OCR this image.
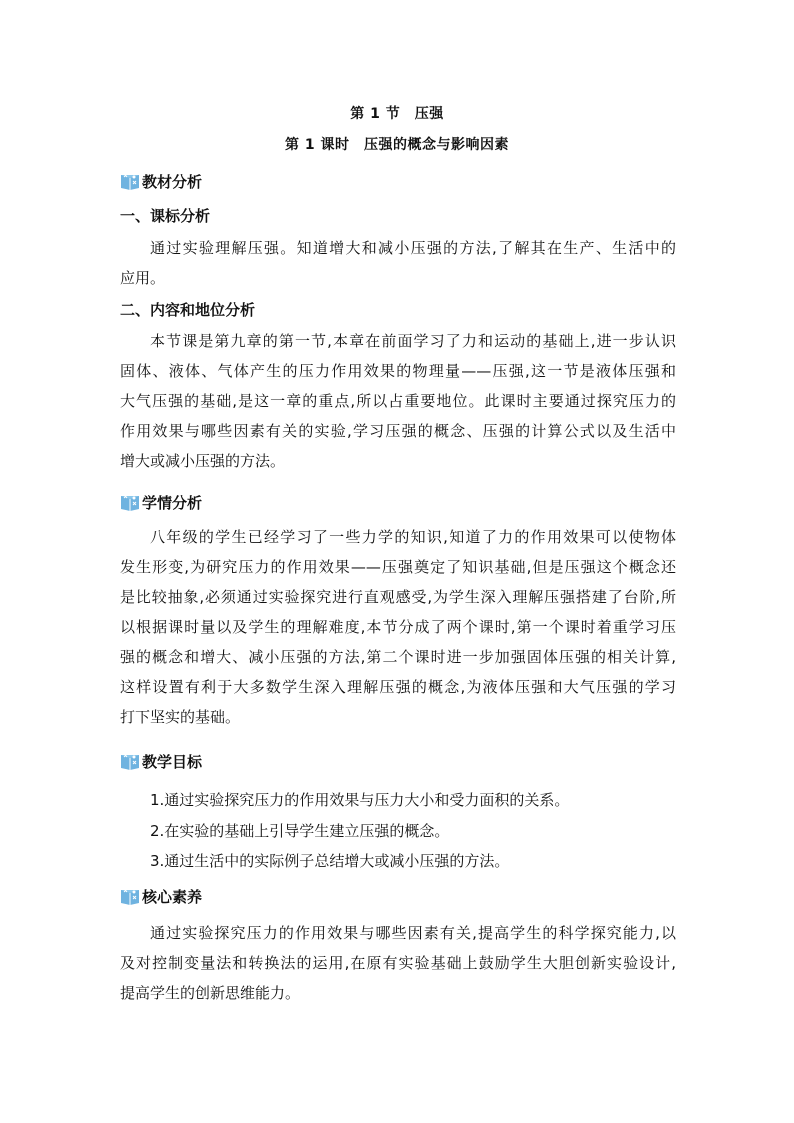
第 1 节　压强
第 1 课时　压强的概念与影响因素
教材分析
一、课标分析
通过实验理解压强。知道增大和减小压强的方法,了解其在生产、生活中的
应用。
二、内容和地位分析
本节课是第九章的第一节,本章在前面学习了力和运动的基础上,进一步认识
固体、液体、气体产生的压力作用效果的物理量——压强,这一节是液体压强和
大气压强的基础,是这一章的重点,所以占重要地位。此课时主要通过探究压力的
作用效果与哪些因素有关的实验,学习压强的概念、压强的计算公式以及生活中
增大或减小压强的方法。
学情分析
八年级的学生已经学习了一些力学的知识,知道了力的作用效果可以使物体
发生形变,为研究压力的作用效果——压强奠定了知识基础,但是压强这个概念还
是比较抽象,必须通过实验探究进行直观感受,为学生深入理解压强搭建了台阶,所
以根据课时量以及学生的理解难度,本节分成了两个课时,第一个课时着重学习压
强的概念和增大、减小压强的方法,第二个课时进一步加强固体压强的相关计算,
这样设置有利于大多数学生深入理解压强的概念,为液体压强和大气压强的学习
打下坚实的基础。
教学目标
1.通过实验探究压力的作用效果与压力大小和受力面积的关系。
2.在实验的基础上引导学生建立压强的概念。
3.通过生活中的实际例子总结增大或减小压强的方法。
核心素养
通过实验探究压力的作用效果与哪些因素有关,提高学生的科学探究能力,以
及对控制变量法和转换法的运用,在原有实验基础上鼓励学生大胆创新实验设计,
提高学生的创新思维能力。
